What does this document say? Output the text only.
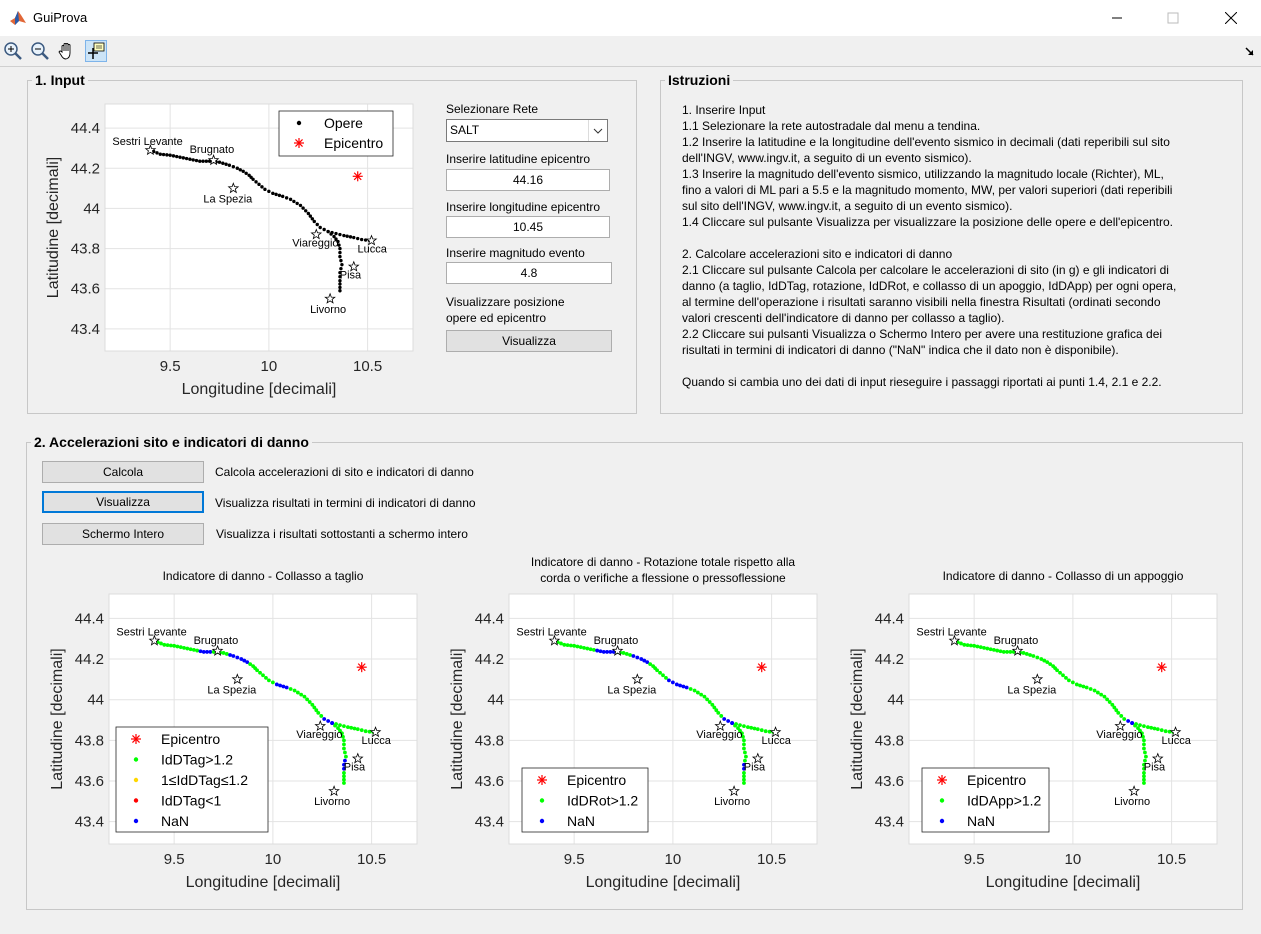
GuiProva
1. Input
9.5	10	10.5
43.4
43.6
43.8
44
44.2
44.4
Longitudine [decimali]
Latitudine [decimali]
Sestri Levante
Brugnato
La Spezia
Viareggio
Lucca
Pisa
Livorno
Opere
Epicentro
Selezionare Rete
SALT
Inserire latitudine epicentro
44.16
Inserire longitudine epicentro
10.45
Inserire magnitudo evento
4.8
Visualizzare posizione
opere ed epicentro
Visualizza
Istruzioni
1. Inserire Input
1.1 Selezionare la rete autostradale dal menu a tendina.
1.2 Inserire la latitudine e la longitudine dell'evento sismico in decimali (dati reperibili sul sito
dell'INGV, www.ingv.it, a seguito di un evento sismico).
1.3 Inserire la magnitudo dell'evento sismico, utilizzando la magnitudo locale (Richter), ML,
fino a valori di ML pari a 5.5 e la magnitudo momento, MW, per valori superiori (dati reperibili
sul sito dell'INGV, www.ingv.it, a seguito di un evento sismico).
1.4 Cliccare sul pulsante Visualizza per visualizzare la posizione delle opere e dell'epicentro.

2. Calcolare accelerazioni sito e indicatori di danno
2.1 Cliccare sul pulsante Calcola per calcolare le accelerazioni di sito (in g) e gli indicatori di
danno (a taglio, IdDTag, rotazione, IdDRot, e collasso di un apoggio, IdDApp) per ogni opera,
al termine dell'operazione i risultati saranno visibili nella finestra Risultati (ordinati secondo
valori crescenti dell'indicatore di danno per collasso a taglio).
2.2 Cliccare sui pulsanti Visualizza o Schermo Intero per avere una restituzione grafica dei
risultati in termini di indicatori di danno ("NaN" indica che il dato non è disponibile).

Quando si cambia uno dei dati di input rieseguire i passaggi riportati ai punti 1.4, 2.1 e 2.2.
2. Accelerazioni sito e indicatori di danno
Calcola	Calcola accelerazioni di sito e indicatori di danno
Visualizza	Visualizza risultati in termini di indicatori di danno
Schermo Intero	Visualizza i risultati sottostanti a schermo intero
Indicatore di danno - Collasso a taglio
9.5	10	10.5
43.4
43.6
43.8
44
44.2
44.4
Longitudine [decimali]
Latitudine [decimali]
Sestri Levante
Brugnato
La Spezia
Viareggio
Lucca
Pisa
Livorno
Epicentro
IdDTag>1.2
1≤IdDTag≤1.2
IdDTag<1
NaN
Indicatore di danno - Rotazione totale rispetto alla
corda o verifiche a flessione o pressoflessione
9.5	10	10.5
43.4
43.6
43.8
44
44.2
44.4
Longitudine [decimali]
Latitudine [decimali]
Sestri Levante
Brugnato
La Spezia
Viareggio
Lucca
Pisa
Livorno
Epicentro
IdDRot>1.2
NaN
Indicatore di danno - Collasso di un appoggio
9.5	10	10.5
43.4
43.6
43.8
44
44.2
44.4
Longitudine [decimali]
Latitudine [decimali]
Sestri Levante
Brugnato
La Spezia
Viareggio
Lucca
Pisa
Livorno
Epicentro
IdDApp>1.2
NaN
